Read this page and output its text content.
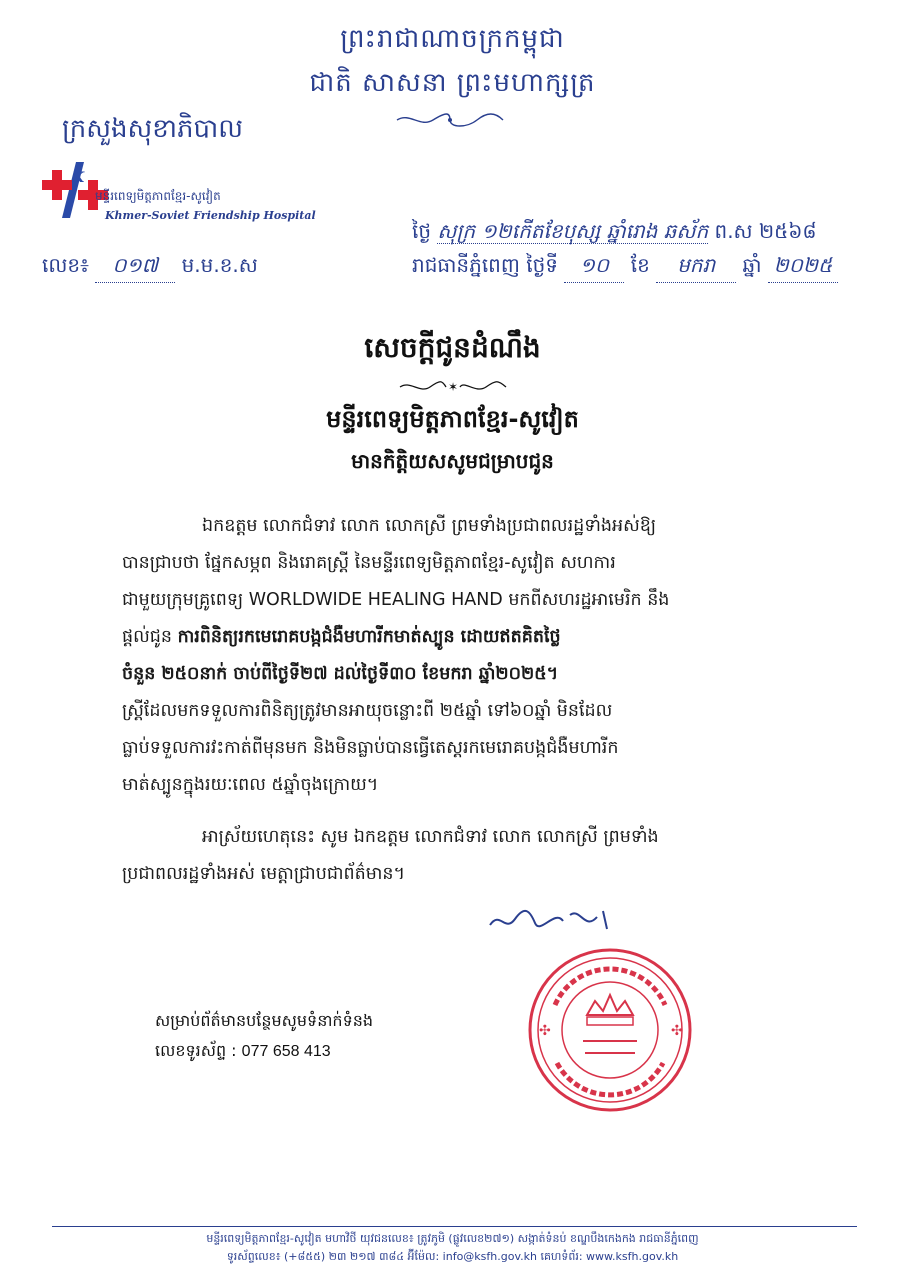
ព្រះរាជាណាចក្រកម្ពុជា
ជាតិ សាសនា ព្រះមហាក្សត្រ
ក្រសួងសុខាភិបាល
K
មន្ទីរពេទ្យមិត្តភាពខ្មែរ-សូវៀត
Khmer-Soviet Friendship Hospital
ថ្ងៃ សុក្រ ១២កើតខែបុស្ស ឆ្នាំរោង ឆស័ក ព.ស ២៥៦៨
រាជធានីភ្នំពេញ ថ្ងៃទី ១០ ខែ មករា ឆ្នាំ ២០២៥
លេខ៖ ០១៧ ម.ម.ខ.ស
សេចក្ដីជូនដំណឹង
✶
មន្ទីរពេទ្យមិត្តភាពខ្មែរ-សូវៀត
មានកិត្តិយសសូមជម្រាបជូន

ឯកឧត្តម លោកជំទាវ លោក លោកស្រី ព្រមទាំងប្រជាពលរដ្ឋទាំងអស់ឱ្យ

បានជ្រាបថា ផ្នែកសម្ភព និងរោគស្ត្រី នៃមន្ទីរពេទ្យមិត្តភាពខ្មែរ-សូវៀត សហការ

ជាមួយក្រុមគ្រូពេទ្យ WORLDWIDE HEALING HAND មកពីសហរដ្ឋអាមេរិក នឹង

ផ្ដល់ជូន ការពិនិត្យរកមេរោគបង្កជំងឺមហារីកមាត់ស្បូន ដោយឥតគិតថ្លៃ

ចំនួន ២៥០នាក់ ចាប់ពីថ្ងៃទី២៧ ដល់ថ្ងៃទី៣០ ខែមករា ឆ្នាំ២០២៥។

ស្ត្រីដែលមកទទួលការពិនិត្យត្រូវមានអាយុចន្លោះពី ២៥ឆ្នាំ ទៅ៦០ឆ្នាំ មិនដែល

ធ្លាប់ទទួលការវះកាត់ពីមុនមក និងមិនធ្លាប់បានធ្វើតេស្តរកមេរោគបង្កជំងឺមហារីក

មាត់ស្បូនក្នុងរយៈពេល ៥ឆ្នាំចុងក្រោយ។

អាស្រ័យហេតុនេះ សូម ឯកឧត្តម លោកជំទាវ លោក លោកស្រី ព្រមទាំង

ប្រជាពលរដ្ឋទាំងអស់ មេត្តាជ្រាបជាព័ត៌មាន។

✣	✣
សម្រាប់ព័ត៌មានបន្ថែមសូមទំនាក់ទំនង
លេខទូរស័ព្ទ : 077 658 413
មន្ទីរពេទ្យមិត្តភាពខ្មែរ-សូវៀត មហាវិថី យុវជនលេខ៖ ត្រូវភូមិ (ផ្លូវលេខ២៧១) សង្កាត់ទំនប់ ខណ្ឌបឹងកេងកង រាជធានីភ្នំពេញ
ទូរស័ព្ទលេខ៖ (+៨៥៥) ២៣ ២១៧ ៣៨៤ អ៊ីម៉ែល: info@ksfh.gov.kh គេហទំព័រ: www.ksfh.gov.kh
